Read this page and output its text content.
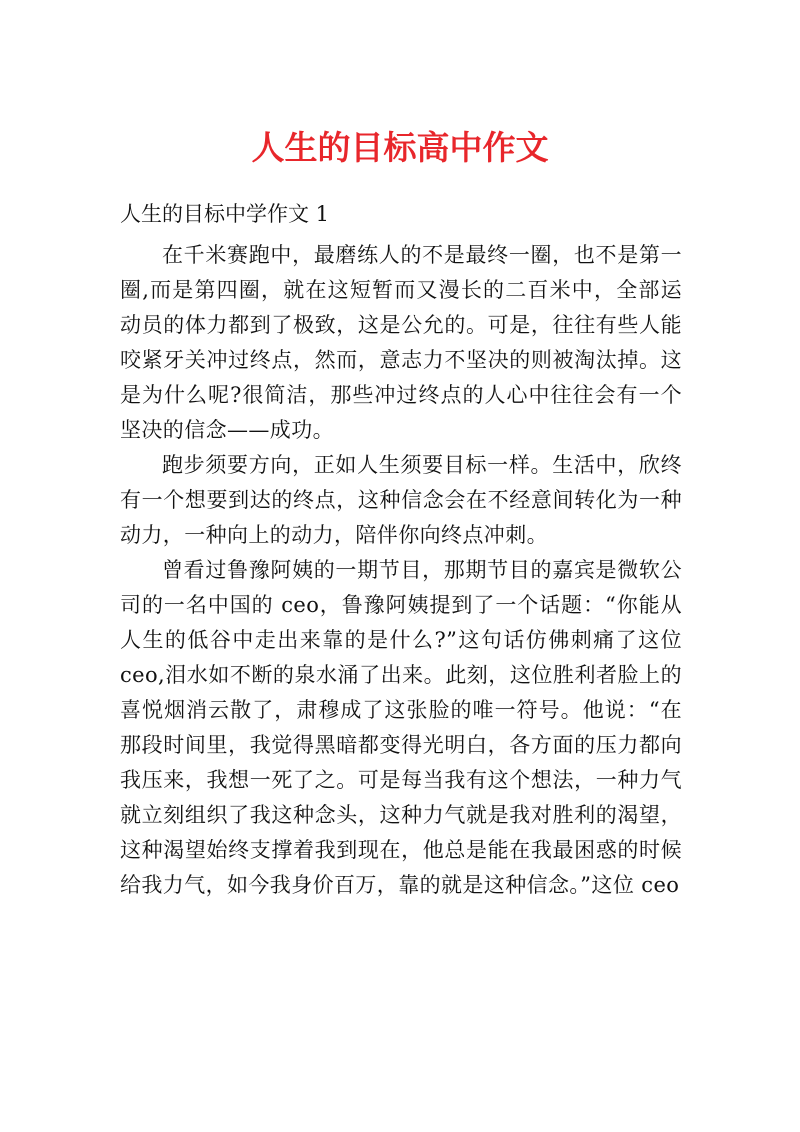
人生的目标高中作文
人生的目标中学作文 1

在千米赛跑中，最磨练人的不是最终一圈，也不是第一圈,而是第四圈，就在这短暂而又漫长的二百米中，全部运动员的体力都到了极致，这是公允的。可是，往往有些人能咬紧牙关冲过终点，然而，意志力不坚决的则被淘汰掉。这是为什么呢?很简洁，那些冲过终点的人心中往往会有一个坚决的信念——成功。

跑步须要方向，正如人生须要目标一样。生活中，欣终有一个想要到达的终点，这种信念会在不经意间转化为一种动力，一种向上的动力，陪伴你向终点冲刺。

曾看过鲁豫阿姨的一期节目，那期节目的嘉宾是微软公司的一名中国的 ceo，鲁豫阿姨提到了一个话题：“你能从人生的低谷中走出来靠的是什么?”这句话仿佛刺痛了这位 ceo,泪水如不断的泉水涌了出来。此刻，这位胜利者脸上的喜悦烟消云散了，肃穆成了这张脸的唯一符号。他说：“在那段时间里，我觉得黑暗都变得光明白，各方面的压力都向我压来，我想一死了之。可是每当我有这个想法，一种力气就立刻组织了我这种念头，这种力气就是我对胜利的渴望，这种渴望始终支撑着我到现在，他总是能在我最困惑的时候给我力气，如今我身价百万，靠的就是这种信念。”这位 ceo
